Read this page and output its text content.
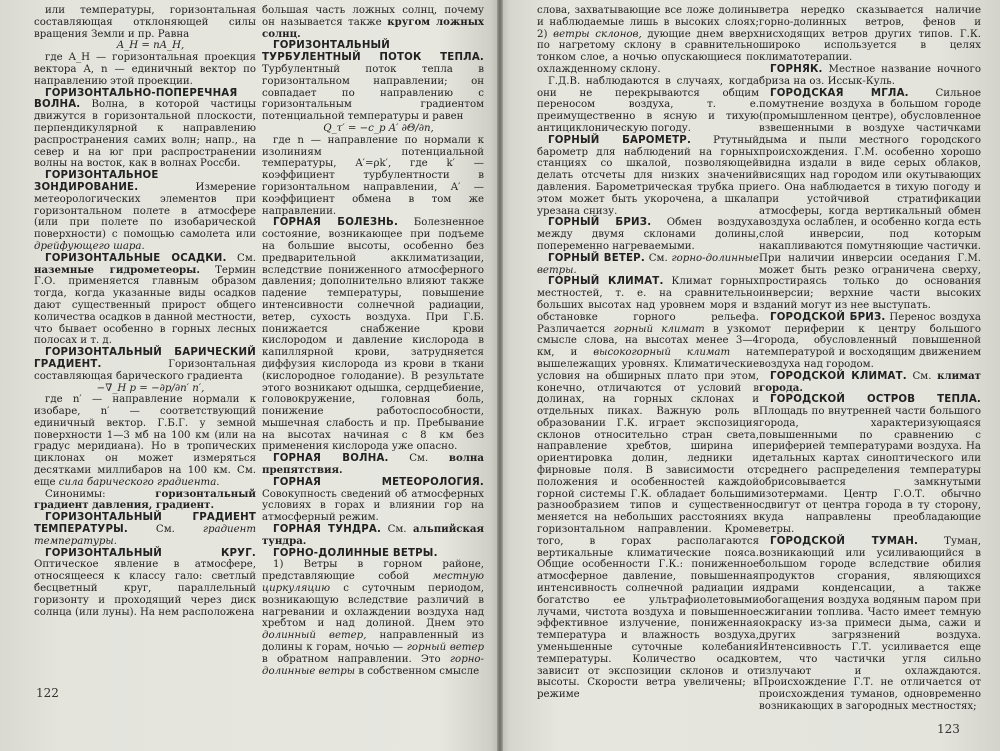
или температуры, горизонтальная составляющая отклоняющей силы вращения Земли и пр. Равна

A_H = nA_H,

где A_H — горизонтальная проекция вектора A, n — единичный вектор по направлению этой проекции.

ГОРИЗОНТАЛЬНО-ПОПЕРЕЧНАЯ ВОЛНА. Волна, в которой частицы движутся в горизонтальной плоскости, перпендикулярной к направлению распространения самих волн; напр., на север и на юг при распространении волны на восток, как в волнах Россби.

ГОРИЗОНТАЛЬНОЕ ЗОНДИРОВАНИЕ.	Измерение метеорологических элементов при горизонтальном полете в атмосфере (или при полете по изобарической поверхности) с помощью самолета или дрейфующего шара.

ГОРИЗОНТАЛЬНЫЕ ОСАДКИ. См. наземные гидрометеоры. Термин Г.О. применяется главным образом тогда, когда указанные виды осадков дают существенный прирост общего количества осадков в данной местности, что бывает особенно в горных лесных полосах и т. д.

ГОРИЗОНТАЛЬНЫЙ БАРИЧЕСКИЙ ГРАДИЕНТ.	Горизонтальная составляющая барического градиента

−∇_H p = −∂p/∂n′ n′,

где n′ — направление нормали к изобаре, n′ — соответствующий единичный вектор. Г.Б.Г. у земной поверхности 1—3 мб на 100 км (или на градус меридиана). Но в тропических циклонах он может измеряться десятками миллибаров на 100 км. См. еще сила барического градиента.

Синонимы:	горизонтальный градиент давления, градиент.

ГОРИЗОНТАЛЬНЫЙ ГРАДИЕНТ ТЕМПЕРАТУРЫ.	См.	градиент температуры.

ГОРИЗОНТАЛЬНЫЙ КРУГ. Оптическое явление в атмосфере, относящееся к классу гало: светлый бесцветный круг, параллельный горизонту и проходящий через диск солнца (или луны). На нем расположена

большая часть ложных солнц, почему он называется также кругом ложных солнц.

ГОРИЗОНТАЛЬНЫЙ ТУРБУЛЕНТНЫЙ ПОТОК ТЕПЛА. Турбулентный поток тепла в горизонтальном направлении; он совпадает по направлению с горизонтальным градиентом потенциальной температуры и равен

Q_τ′ = −c_p A′ ∂Θ/∂n,

где n — направление по нормали к изолиниям потенциальной температуры, A′=ρk′, где k′ — коэффициент турбулентности в горизонтальном направлении, A′ — коэффициент обмена в том же направлении.

ГОРНАЯ БОЛЕЗНЬ. Болезненное состояние, возникающее при подъеме на большие высоты, особенно без предварительной акклиматизации, вследствие пониженного атмосферного давления; дополнительно влияют также падение температуры, повышение интенсивности солнечной радиации, ветер, сухость воздуха. При Г.Б. понижается снабжение крови кислородом и давление кислорода в капиллярной крови, затрудняется диффузия кислорода из крови в ткани (кислородное голодание). В результате этого возникают одышка, сердцебиение, головокружение, головная боль, понижение работоспособности, мышечная слабость и пр. Пребывание на высотах начиная с 8 км без применения кислорода уже опасно.

ГОРНАЯ ВОЛНА. См. волна препятствия.

ГОРНАЯ МЕТЕОРОЛОГИЯ. Совокупность сведений об атмосферных условиях в горах и влиянии гор на атмосферный режим.

ГОРНАЯ ТУНДРА. См. альпийская тундра.

ГОРНО-ДОЛИННЫЕ ВЕТРЫ.

1) Ветры в горном районе, представляющие собой местную циркуляцию с суточным периодом, возникающую вследствие различий в нагревании и охлаждении воздуха над хребтом и над долиной. Днем это долинный ветер, направленный из долины к горам, ночью — горный ветер в обратном направлении. Это горно-долинные ветры в собственном смысле

122

слова, захватывающие все ложе долины и наблюдаемые лишь в высоких слоях; 2) ветры склонов, дующие днем вверх по нагретому склону в сравнительно тонком слое, а ночью опускающиеся по охлажденному склону.

Г.Д.В. наблюдаются в случаях, когда они не перекрываются общим переносом воздуха, т. е. преимущественно в ясную и тихую антициклоническую погоду.

ГОРНЫЙ БАРОМЕТР. Ртутный барометр для наблюдений на горных станциях со шкалой, позволяющей делать отсчеты для низких значений давления. Барометрическая трубка при этом может быть укорочена, а шкала урезана снизу.

ГОРНЫЙ БРИЗ. Обмен воздуха между двумя склонами долины, попеременно нагреваемыми.

ГОРНЫЙ ВЕТЕР. См. горно-долинные ветры.

ГОРНЫЙ КЛИМАТ. Климат горных местностей, т. е. на сравнительно больших высотах над уровнем моря и в обстановке горного рельефа. Различается горный климат в узком смысле слова, на высотах менее 3—4 км, и высокогорный климат на вышележащих уровнях. Климатические условия на обширных плато при этом, конечно, отличаются от условий в долинах, на горных склонах и отдельных пиках. Важную роль в образовании Г.К. играет экспозиция склонов относительно стран света, направление хребтов, ширина и ориентировка долин, ледники и фирновые поля. В зависимости от положения и особенностей каждой горной системы Г.К. обладает большим разнообразием типов и существенно меняется на небольших расстояниях в горизонтальном направлении. Кроме того, в горах располагаются вертикальные климатические пояса. Общие особенности Г.К.: пониженное атмосферное давление, повышенная интенсивность солнечной радиации и богатство ее ультрафиолетовыми лучами, чистота воздуха и повышенное эффективное излучение, пониженная температура и влажность воздуха, уменьшенные суточные колебания температуры. Количество осадков зависит от экспозиции склонов и от высоты. Скорости ветра увеличены; в режиме

ветра нередко сказывается наличие горно-долинных ветров, фенов и нисходящих ветров других типов. Г.К. широко используется в целях климатотерапии.

ГОРНЯК. Местное название ночного бриза на оз. Иссык-Куль.

ГОРОДСКАЯ МГЛА.	Сильное помутнение воздуха в большом городе (промышленном центре), обусловленное взвешенными в воздухе частичками дыма и пыли местного городского происхождения. Г.М. особенно хорошо видна издали в виде серых облаков, висящих над городом или окутывающих его. Она наблюдается в тихую погоду и при устойчивой стратификации атмосферы, когда вертикальный обмен воздуха ослаблен, и особенно когда есть слой инверсии, под которым накапливаются помутняющие частички. При наличии инверсии оседания Г.М. может быть резко ограничена сверху, простираясь только до основания инверсии; верхние части высоких зданий могут из нее выступать.

ГОРОДСКОЙ БРИЗ. Перенос воздуха от периферии к центру большого города, обусловленный повышенной температурой и восходящим движением воздуха над городом.

ГОРОДСКОЙ КЛИМАТ. См. климат города.

ГОРОДСКОЙ ОСТРОВ ТЕПЛА. Площадь по внутренней части большого города, характеризующаяся повышенными по сравнению с периферией температурами воздуха. На детальных картах синоптического или среднего распределения температуры обрисовывается замкнутыми изотермами. Центр Г.О.Т. обычно сдвигут от центра города в ту сторону, куда направлены преобладающие ветры.

ГОРОДСКОЙ ТУМАН.	Туман, возникающий или усиливающийся в большом городе вследствие обилия продуктов сгорания, являющихся ядрами конденсации, а также обогащения воздуха водяным паром при сжигании топлива. Часто имеет темную окраску из-за примеси дыма, сажи и других загрязнений воздуха. Интенсивность Г.Т. усиливается еще тем, что частички угля сильно излучают и охлаждаются. Происхождение Г.Т. не отличается от происхождения туманов, одновременно возникающих в загородных местностях;

123
